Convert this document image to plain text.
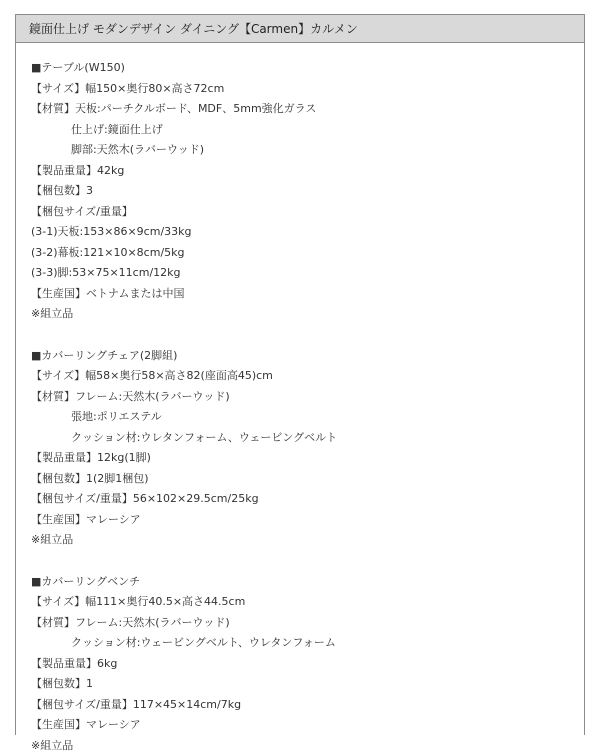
鏡面仕上げ モダンデザイン ダイニング【Carmen】カルメン
■テーブル(W150)
【サイズ】幅150×奥行80×高さ72cm
【材質】天板:パーチクルボード、MDF、5mm強化ガラス
仕上げ:鏡面仕上げ
脚部:天然木(ラバーウッド)
【製品重量】42kg
【梱包数】3
【梱包サイズ/重量】
(3-1)天板:153×86×9cm/33kg
(3-2)幕板:121×10×8cm/5kg
(3-3)脚:53×75×11cm/12kg
【生産国】ベトナムまたは中国
※組立品
■カバーリングチェア(2脚組)
【サイズ】幅58×奥行58×高さ82(座面高45)cm
【材質】フレーム:天然木(ラバーウッド)
張地:ポリエステル
クッション材:ウレタンフォーム、ウェービングベルト
【製品重量】12kg(1脚)
【梱包数】1(2脚1梱包)
【梱包サイズ/重量】56×102×29.5cm/25kg
【生産国】マレーシア
※組立品
■カバーリングベンチ
【サイズ】幅111×奥行40.5×高さ44.5cm
【材質】フレーム:天然木(ラバーウッド)
クッション材:ウェービングベルト、ウレタンフォーム
【製品重量】6kg
【梱包数】1
【梱包サイズ/重量】117×45×14cm/7kg
【生産国】マレーシア
※組立品
